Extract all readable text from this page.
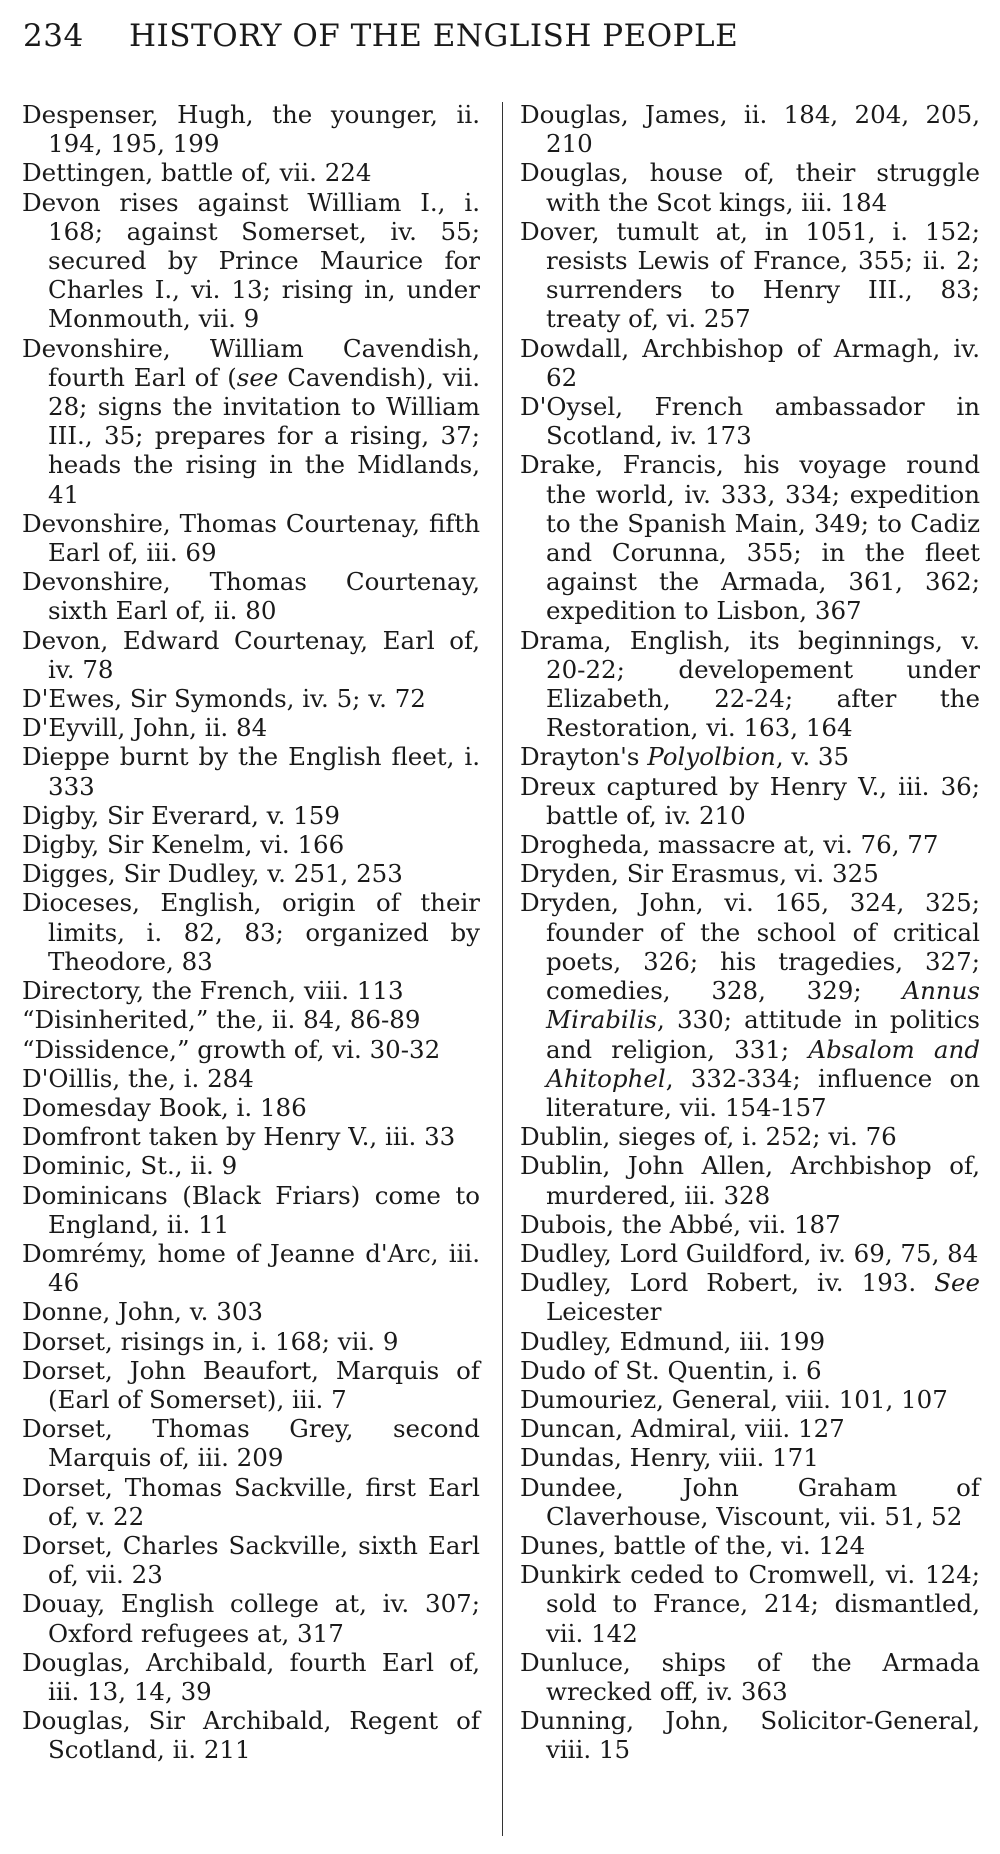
234 HISTORY OF THE ENGLISH PEOPLE

Despenser, Hugh, the younger, ii. 194, 195, 199

Dettingen, battle of, vii. 224

Devon rises against William I., i. 168; against Somerset, iv. 55; secured by Prince Maurice for Charles I., vi. 13; rising in, under Monmouth, vii. 9

Devonshire, William Cavendish, fourth Earl of (see Cavendish), vii. 28; signs the invitation to William III., 35; prepares for a rising, 37; heads the rising in the Midlands, 41

Devonshire, Thomas Courtenay, fifth Earl of, iii. 69

Devonshire, Thomas Courtenay, sixth Earl of, ii. 80

Devon, Edward Courtenay, Earl of, iv. 78

D'Ewes, Sir Symonds, iv. 5; v. 72

D'Eyvill, John, ii. 84

Dieppe burnt by the English fleet, i. 333

Digby, Sir Everard, v. 159

Digby, Sir Kenelm, vi. 166

Digges, Sir Dudley, v. 251, 253

Dioceses, English, origin of their limits, i. 82, 83; organized by Theodore, 83

Directory, the French, viii. 113

“Disinherited,” the, ii. 84, 86-89

“Dissidence,” growth of, vi. 30-32

D'Oillis, the, i. 284

Domesday Book, i. 186

Domfront taken by Henry V., iii. 33

Dominic, St., ii. 9

Dominicans (Black Friars) come to England, ii. 11

Domrémy, home of Jeanne d'Arc, iii. 46

Donne, John, v. 303

Dorset, risings in, i. 168; vii. 9

Dorset, John Beaufort, Marquis of (Earl of Somerset), iii. 7

Dorset, Thomas Grey, second Marquis of, iii. 209

Dorset, Thomas Sackville, first Earl of, v. 22

Dorset, Charles Sackville, sixth Earl of, vii. 23

Douay, English college at, iv. 307; Oxford refugees at, 317

Douglas, Archibald, fourth Earl of, iii. 13, 14, 39

Douglas, Sir Archibald, Regent of Scotland, ii. 211

Douglas, James, ii. 184, 204, 205, 210

Douglas, house of, their struggle with the Scot kings, iii. 184

Dover, tumult at, in 1051, i. 152; resists Lewis of France, 355; ii. 2; surrenders to Henry III., 83; treaty of, vi. 257

Dowdall, Archbishop of Armagh, iv. 62

D'Oysel, French ambassador in Scotland, iv. 173

Drake, Francis, his voyage round the world, iv. 333, 334; expedition to the Spanish Main, 349; to Cadiz and Corunna, 355; in the fleet against the Armada, 361, 362; expedition to Lisbon, 367

Drama, English, its beginnings, v. 20-22; developement under Elizabeth, 22-24; after the Restoration, vi. 163, 164

Drayton's Polyolbion, v. 35

Dreux captured by Henry V., iii. 36; battle of, iv. 210

Drogheda, massacre at, vi. 76, 77

Dryden, Sir Erasmus, vi. 325

Dryden, John, vi. 165, 324, 325; founder of the school of critical poets, 326; his tragedies, 327; comedies, 328, 329; Annus Mirabilis, 330; attitude in politics and religion, 331; Absalom and Ahitophel, 332-334; influence on literature, vii. 154-157

Dublin, sieges of, i. 252; vi. 76

Dublin, John Allen, Archbishop of, murdered, iii. 328

Dubois, the Abbé, vii. 187

Dudley, Lord Guildford, iv. 69, 75, 84

Dudley, Lord Robert, iv. 193. See Leicester

Dudley, Edmund, iii. 199

Dudo of St. Quentin, i. 6

Dumouriez, General, viii. 101, 107

Duncan, Admiral, viii. 127

Dundas, Henry, viii. 171

Dundee, John Graham of Claverhouse, Viscount, vii. 51, 52

Dunes, battle of the, vi. 124

Dunkirk ceded to Cromwell, vi. 124; sold to France, 214; dismantled, vii. 142

Dunluce, ships of the Armada wrecked off, iv. 363

Dunning, John, Solicitor-General, viii. 15
